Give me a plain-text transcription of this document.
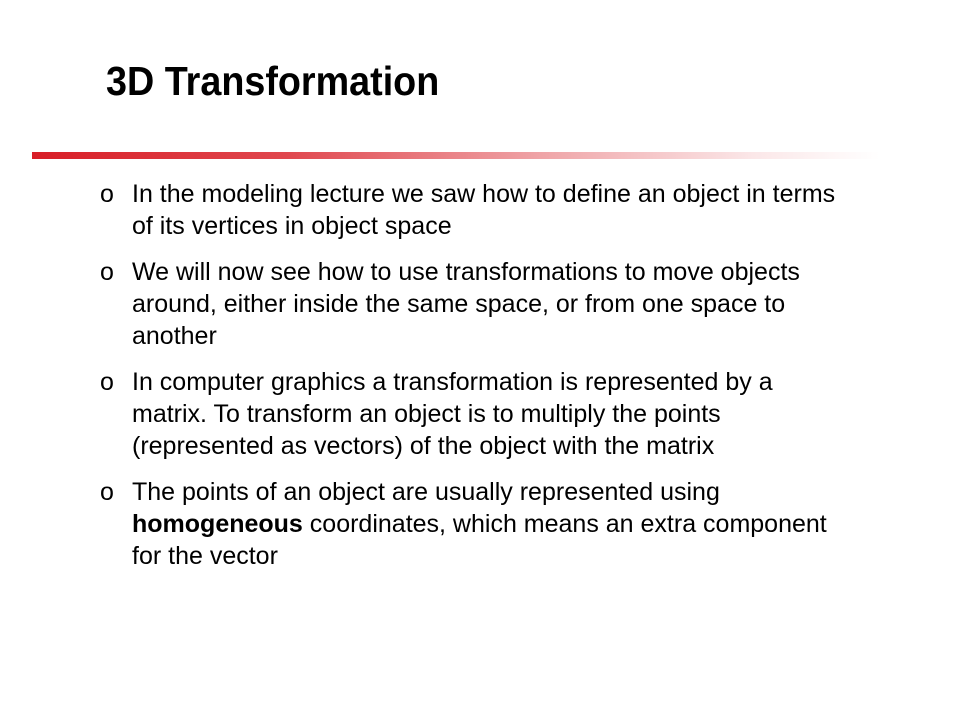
3D Transformation
o In the modeling lecture we saw how to define an object in terms of its vertices in object space
o We will now see how to use transformations to move objects around, either inside the same space, or from one space to another
o In computer graphics a transformation is represented by a matrix. To transform an object is to multiply the points (represented as vectors) of the object with the matrix
o The points of an object are usually represented using homogeneous coordinates, which means an extra component for the vector
